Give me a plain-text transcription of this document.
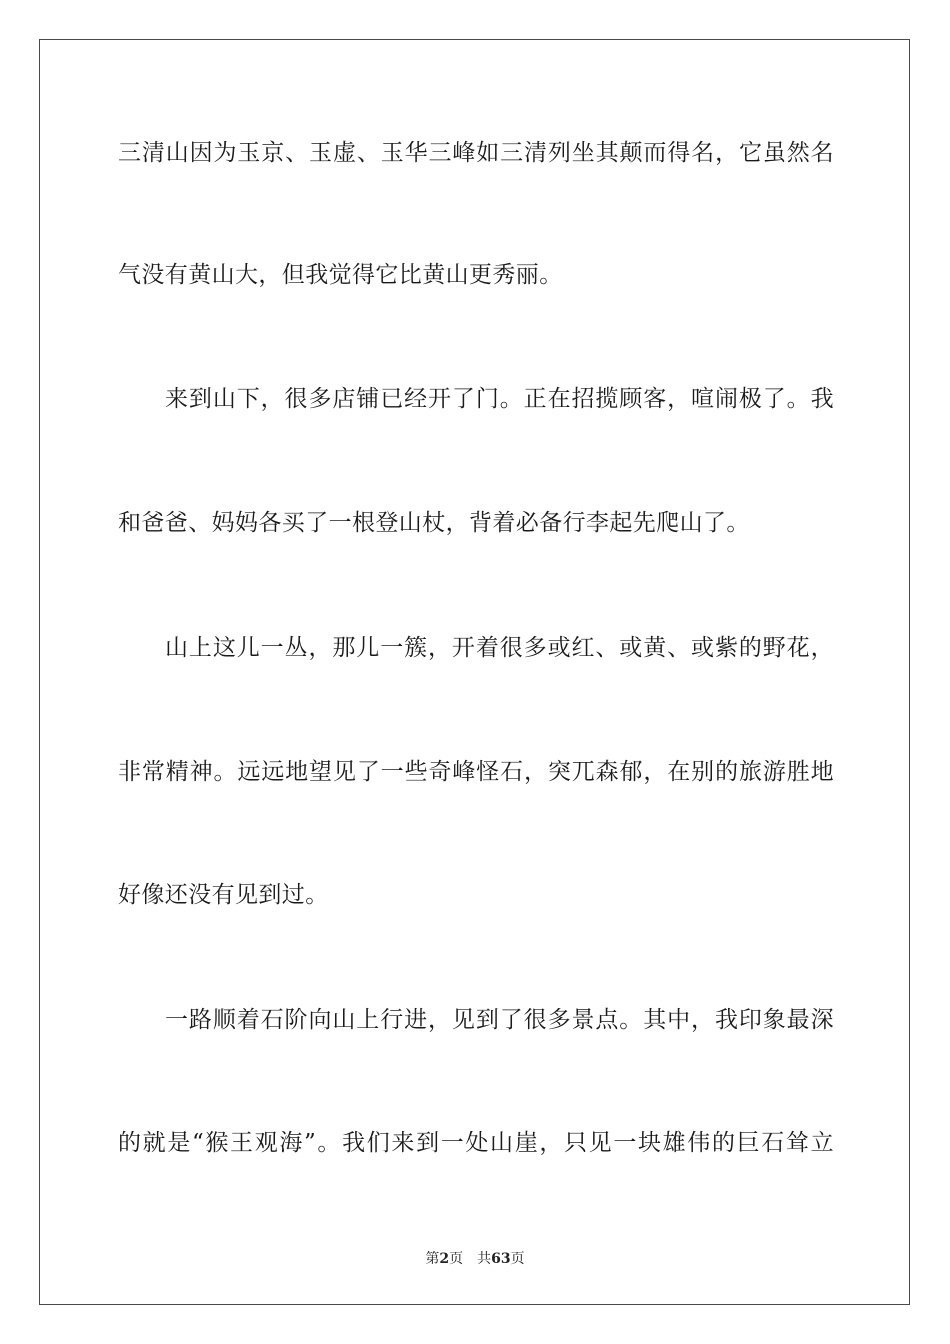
三清山因为玉京、玉虚、玉华三峰如三清列坐其颠而得名，它虽然名
气没有黄山大，但我觉得它比黄山更秀丽。
来到山下，很多店铺已经开了门。正在招揽顾客，喧闹极了。我
和爸爸、妈妈各买了一根登山杖，背着必备行李起先爬山了。
山上这儿一丛，那儿一簇，开着很多或红、或黄、或紫的野花，
非常精神。远远地望见了一些奇峰怪石，突兀森郁，在别的旅游胜地
好像还没有见到过。
一路顺着石阶向山上行进，见到了很多景点。其中，我印象最深
的就是“猴王观海”。我们来到一处山崖，只见一块雄伟的巨石耸立
第2页 共63页
